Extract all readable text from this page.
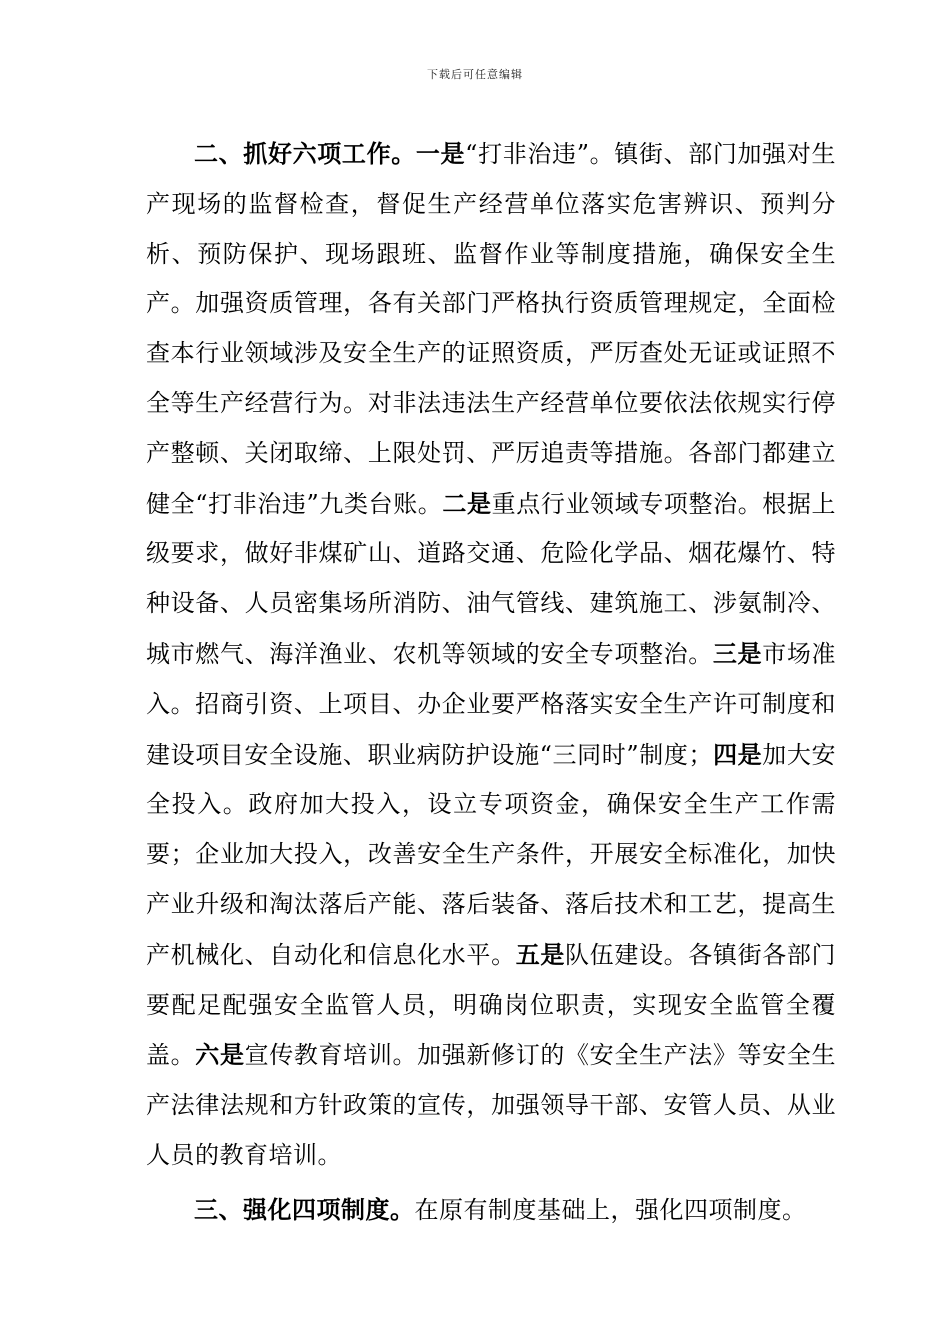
下载后可任意编辑

二、抓好六项工作。一是“打非治违”。镇街、部门加强对生产现场的监督检查，督促生产经营单位落实危害辨识、预判分析、预防保护、现场跟班、监督作业等制度措施，确保安全生产。加强资质管理，各有关部门严格执行资质管理规定，全面检查本行业领域涉及安全生产的证照资质，严厉查处无证或证照不全等生产经营行为。对非法违法生产经营单位要依法依规实行停产整顿、关闭取缔、上限处罚、严厉追责等措施。各部门都建立健全“打非治违”九类台账。二是重点行业领域专项整治。根据上级要求，做好非煤矿山、道路交通、危险化学品、烟花爆竹、特种设备、人员密集场所消防、油气管线、建筑施工、涉氨制冷、城市燃气、海洋渔业、农机等领域的安全专项整治。三是市场准入。招商引资、上项目、办企业要严格落实安全生产许可制度和建设项目安全设施、职业病防护设施“三同时”制度；四是加大安全投入。政府加大投入，设立专项资金，确保安全生产工作需要；企业加大投入，改善安全生产条件，开展安全标准化，加快产业升级和淘汰落后产能、落后装备、落后技术和工艺，提高生产机械化、自动化和信息化水平。五是队伍建设。各镇街各部门要配足配强安全监管人员，明确岗位职责，实现安全监管全覆盖。六是宣传教育培训。加强新修订的《安全生产法》等安全生产法律法规和方针政策的宣传，加强领导干部、安管人员、从业人员的教育培训。

三、强化四项制度。在原有制度基础上，强化四项制度。
